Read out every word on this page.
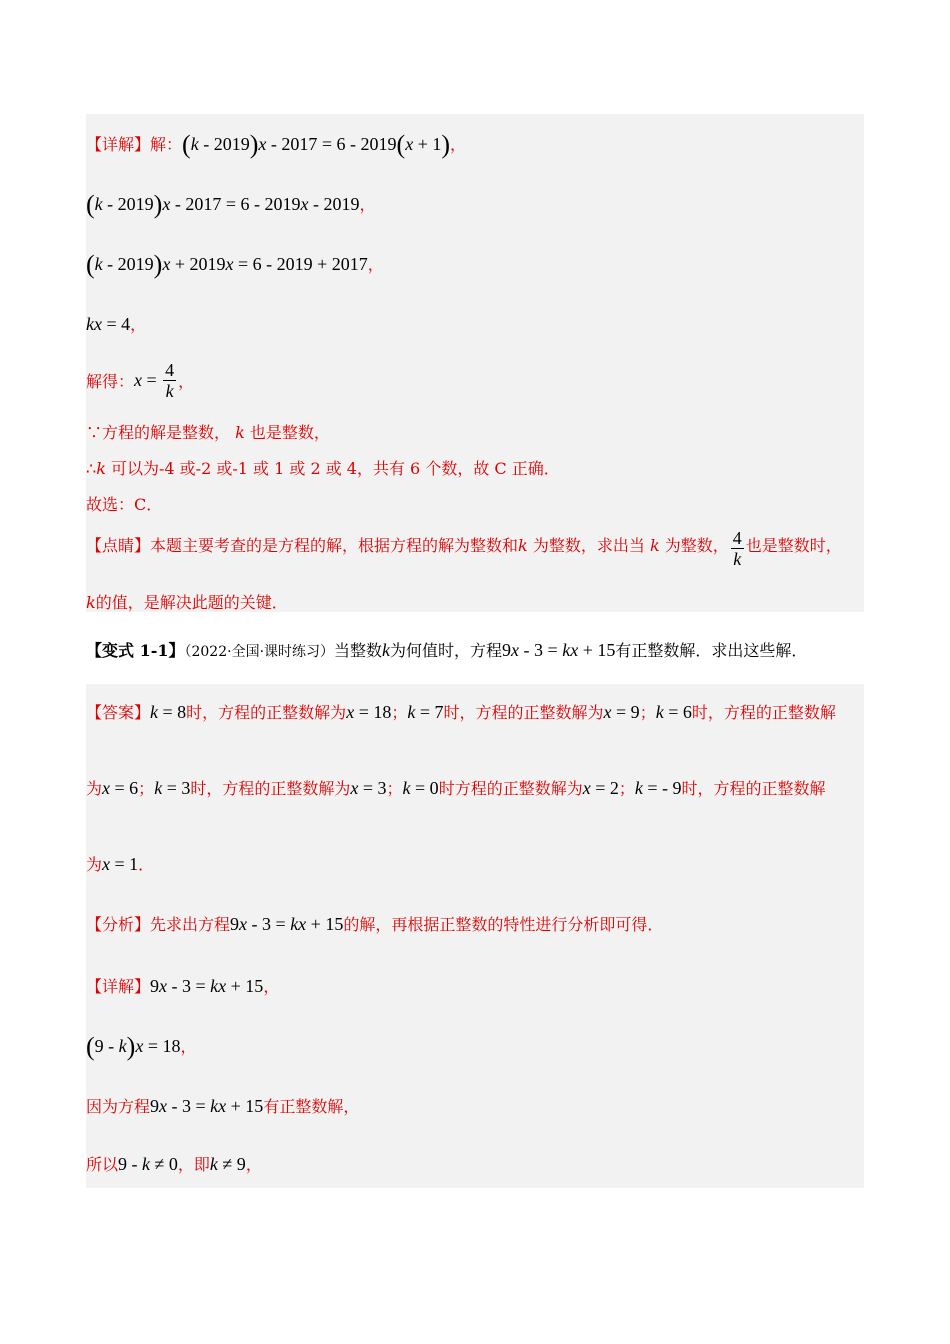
【详解】解：(k - 2019)x - 2017 = 6 - 2019(x + 1)，
(k - 2019)x - 2017 = 6 - 2019x - 2019，
(k - 2019)x + 2019x = 6 - 2019 + 2017，
kx = 4，
解得：$x = \frac{4}{k}$ ，
∵方程的解是整数， k 也是整数，
∴k 可以为-4 或-2 或-1 或 1 或 2 或 4，共有 6 个数，故 C 正确．
故选：C．
【点睛】本题主要考查的是方程的解，根据方程的解为整数和k 为整数，求出当 k 为整数， $\frac{4}{k}$ 也是整数时，
k的值，是解决此题的关键．
【变式 1-1】（2022·全国·课时练习）当整数k为何值时，方程9x - 3 = kx + 15有正整数解．求出这些解．
【答案】k = 8时，方程的正整数解为x = 18；k = 7时，方程的正整数解为x = 9；k = 6时，方程的正整数解
为x = 6；k = 3时，方程的正整数解为x = 3；k = 0时方程的正整数解为x = 2；k = - 9时，方程的正整数解
为x = 1．
【分析】先求出方程9x - 3 = kx + 15的解，再根据正整数的特性进行分析即可得．
【详解】9x - 3 = kx + 15，
(9 - k)x = 18，
因为方程9x - 3 = kx + 15有正整数解，
所以9 - k ≠ 0，即k ≠ 9，
